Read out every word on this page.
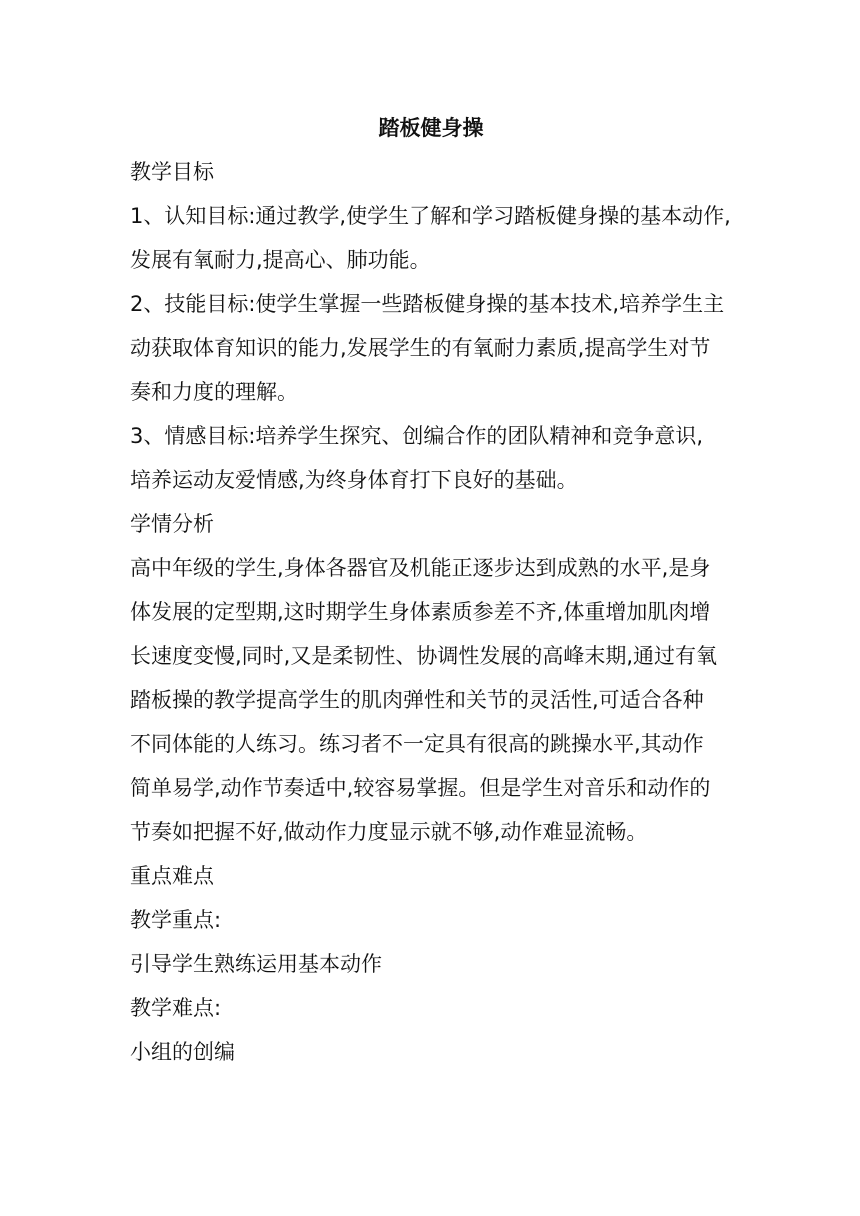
踏板健身操
教学目标
1、认知目标:通过教学,使学生了解和学习踏板健身操的基本动作,
发展有氧耐力,提高心、肺功能。
2、技能目标:使学生掌握一些踏板健身操的基本技术,培养学生主
动获取体育知识的能力,发展学生的有氧耐力素质,提高学生对节
奏和力度的理解。
3、情感目标:培养学生探究、创编合作的团队精神和竞争意识,
培养运动友爱情感,为终身体育打下良好的基础。
学情分析
高中年级的学生,身体各器官及机能正逐步达到成熟的水平,是身
体发展的定型期,这时期学生身体素质参差不齐,体重增加肌肉增
长速度变慢,同时,又是柔韧性、协调性发展的高峰末期,通过有氧
踏板操的教学提高学生的肌肉弹性和关节的灵活性,可适合各种
不同体能的人练习。练习者不一定具有很高的跳操水平,其动作
简单易学,动作节奏适中,较容易掌握。但是学生对音乐和动作的
节奏如把握不好,做动作力度显示就不够,动作难显流畅。
重点难点
教学重点:
引导学生熟练运用基本动作
教学难点:
小组的创编
